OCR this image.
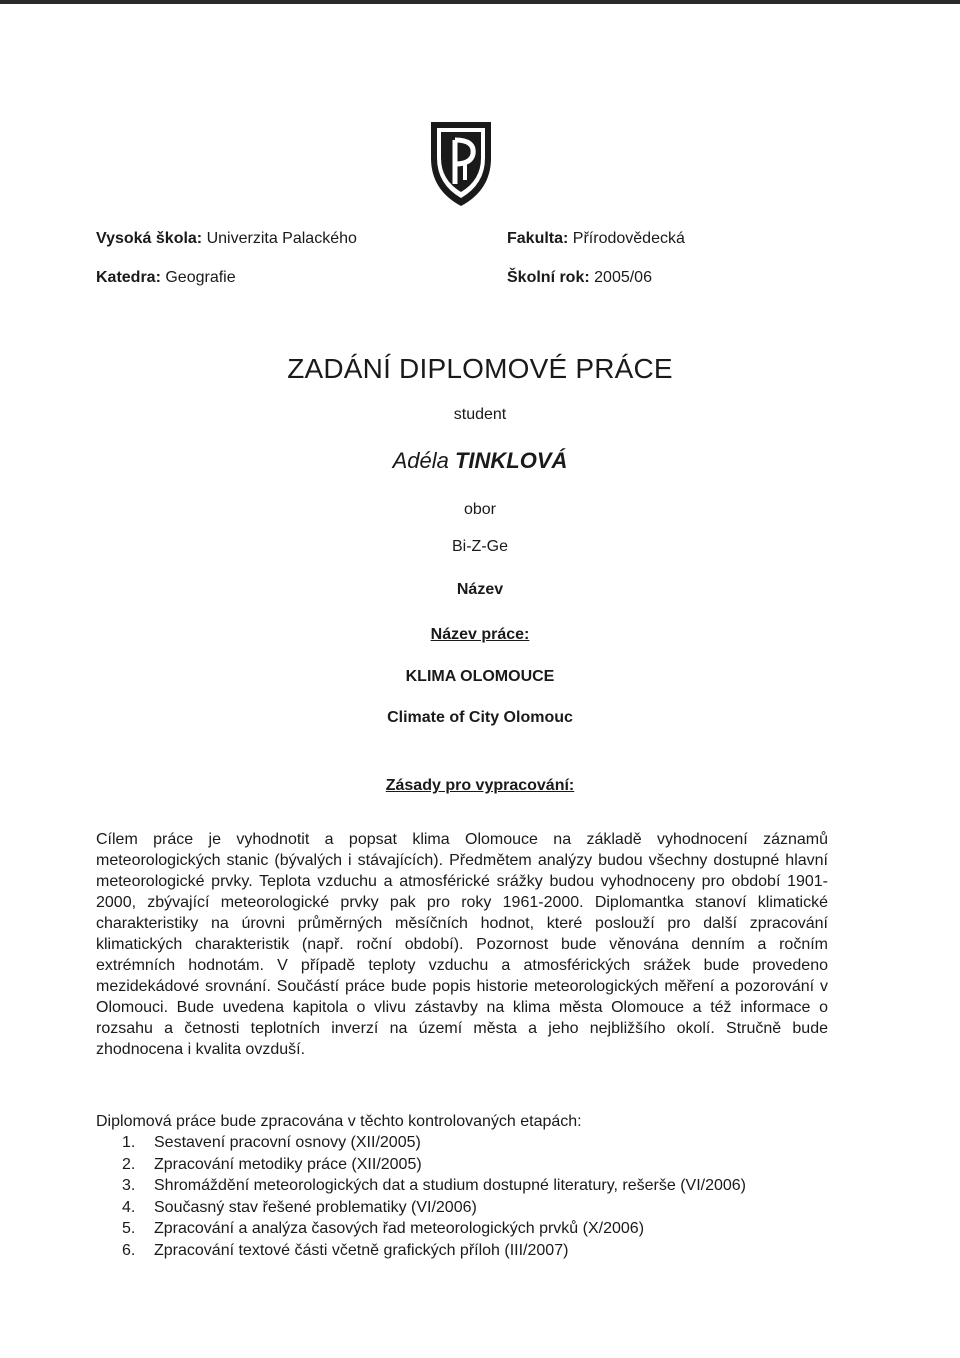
Vysoká škola: Univerzita Palackého	Fakulta: Přírodovědecká
Katedra: Geografie	Školní rok: 2005/06
ZADÁNÍ DIPLOMOVÉ PRÁCE
student
Adéla TINKLOVÁ
obor
Bi-Z-Ge
Název
Název práce:
KLIMA OLOMOUCE
Climate of City Olomouc
Zásady pro vypracování:
Cílem práce je vyhodnotit a popsat klima Olomouce na základě vyhodnocení záznamů meteorologických stanic (bývalých i stávajících). Předmětem analýzy budou všechny dostupné hlavní meteorologické prvky. Teplota vzduchu a atmosférické srážky budou vyhodnoceny pro období 1901-2000, zbývající meteorologické prvky pak pro roky 1961-2000. Diplomantka stanoví klimatické charakteristiky na úrovni průměrných měsíčních hodnot, které poslouží pro další zpracování klimatických charakteristik (např. roční období). Pozornost bude věnována denním a ročním extrémních hodnotám. V případě teploty vzduchu a atmosférických srážek bude provedeno mezidekádové srovnání. Součástí práce bude popis historie meteorologických měření a pozorování v Olomouci. Bude uvedena kapitola o vlivu zástavby na klima města Olomouce a též informace o rozsahu a četnosti teplotních inverzí na území města a jeho nejbližšího okolí. Stručně bude zhodnocena i kvalita ovzduší.
Diplomová práce bude zpracována v těchto kontrolovaných etapách:
1. Sestavení pracovní osnovy (XII/2005)
2. Zpracování metodiky práce (XII/2005)
3. Shromáždění meteorologických dat a studium dostupné literatury, rešerše (VI/2006)
4. Současný stav řešené problematiky (VI/2006)
5. Zpracování a analýza časových řad meteorologických prvků (X/2006)
6. Zpracování textové části včetně grafických příloh (III/2007)
